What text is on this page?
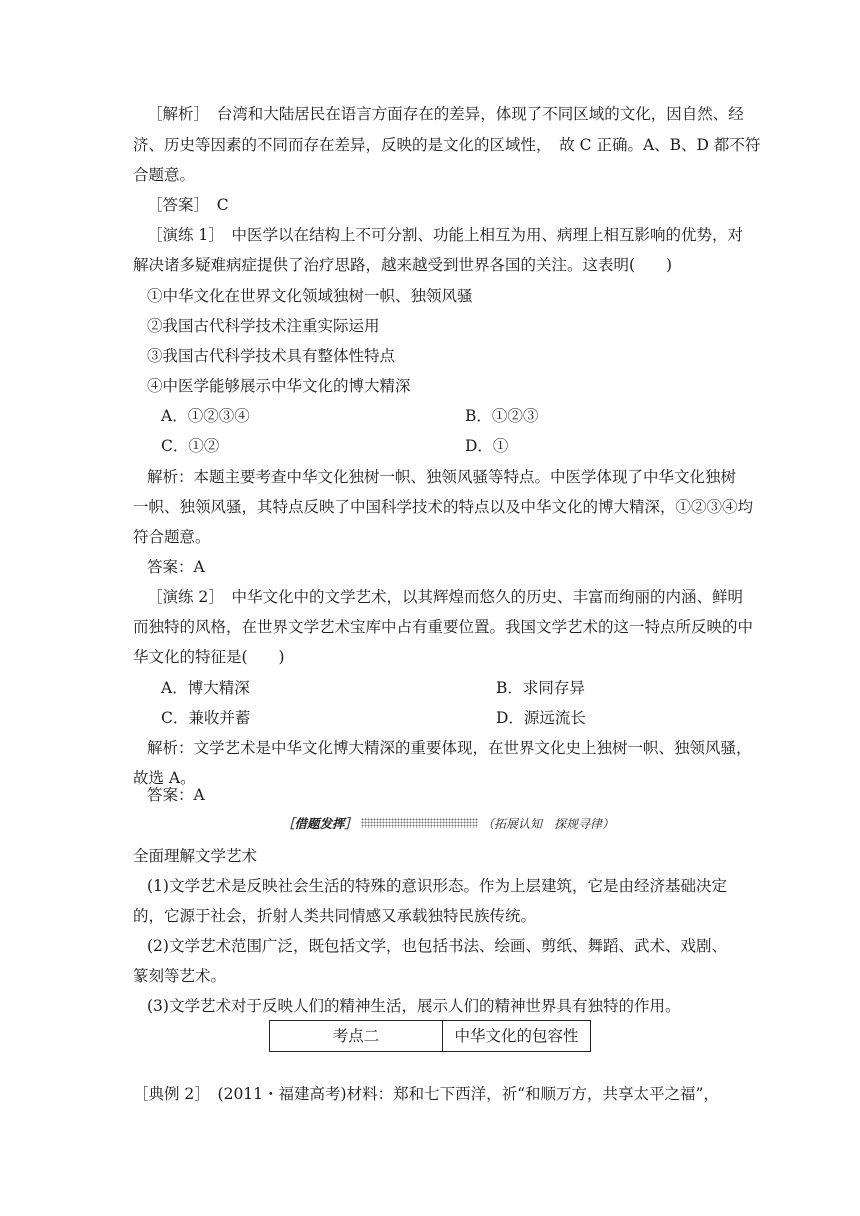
［解析］　台湾和大陆居民在语言方面存在的差异，体现了不同区域的文化，因自然、经
济、历史等因素的不同而存在差异，反映的是文化的区域性，　故 C 正确。A、B、D 都不符
合题意。
［答案］　C
［演练 1］　中医学以在结构上不可分割、功能上相互为用、病理上相互影响的优势，对
解决诸多疑难病症提供了治疗思路，越来越受到世界各国的关注。这表明(　　)
①中华文化在世界文化领域独树一帜、独领风骚
②我国古代科学技术注重实际运用
③我国古代科学技术具有整体性特点
④中医学能够展示中华文化的博大精深
A．①②③④	B．①②③
C．①②	D．①
解析：本题主要考查中华文化独树一帜、独领风骚等特点。中医学体现了中华文化独树
一帜、独领风骚，其特点反映了中国科学技术的特点以及中华文化的博大精深，①②③④均
符合题意。
答案：A
［演练 2］　中华文化中的文学艺术，以其辉煌而悠久的历史、丰富而绚丽的内涵、鲜明
而独特的风格，在世界文学艺术宝库中占有重要位置。我国文学艺术的这一特点所反映的中
华文化的特征是(　　)
A．博大精深	B．求同存异
C．兼收并蓄	D．源远流长
解析：文学艺术是中华文化博大精深的重要体现，在世界文化史上独树一帜、独领风骚，
故选 A。
答案：A
［借题发挥］	（拓展认知　探规寻律）
全面理解文学艺术
(1)文学艺术是反映社会生活的特殊的意识形态。作为上层建筑，它是由经济基础决定
的，它源于社会，折射人类共同情感又承载独特民族传统。
(2)文学艺术范围广泛，既包括文学，也包括书法、绘画、剪纸、舞蹈、武术、戏剧、
篆刻等艺术。
(3)文学艺术对于反映人们的精神生活，展示人们的精神世界具有独特的作用。
考点二	中华文化的包容性
［典例 2］　(2011・福建高考)材料：郑和七下西洋，祈“和顺万方，共享太平之福”，
